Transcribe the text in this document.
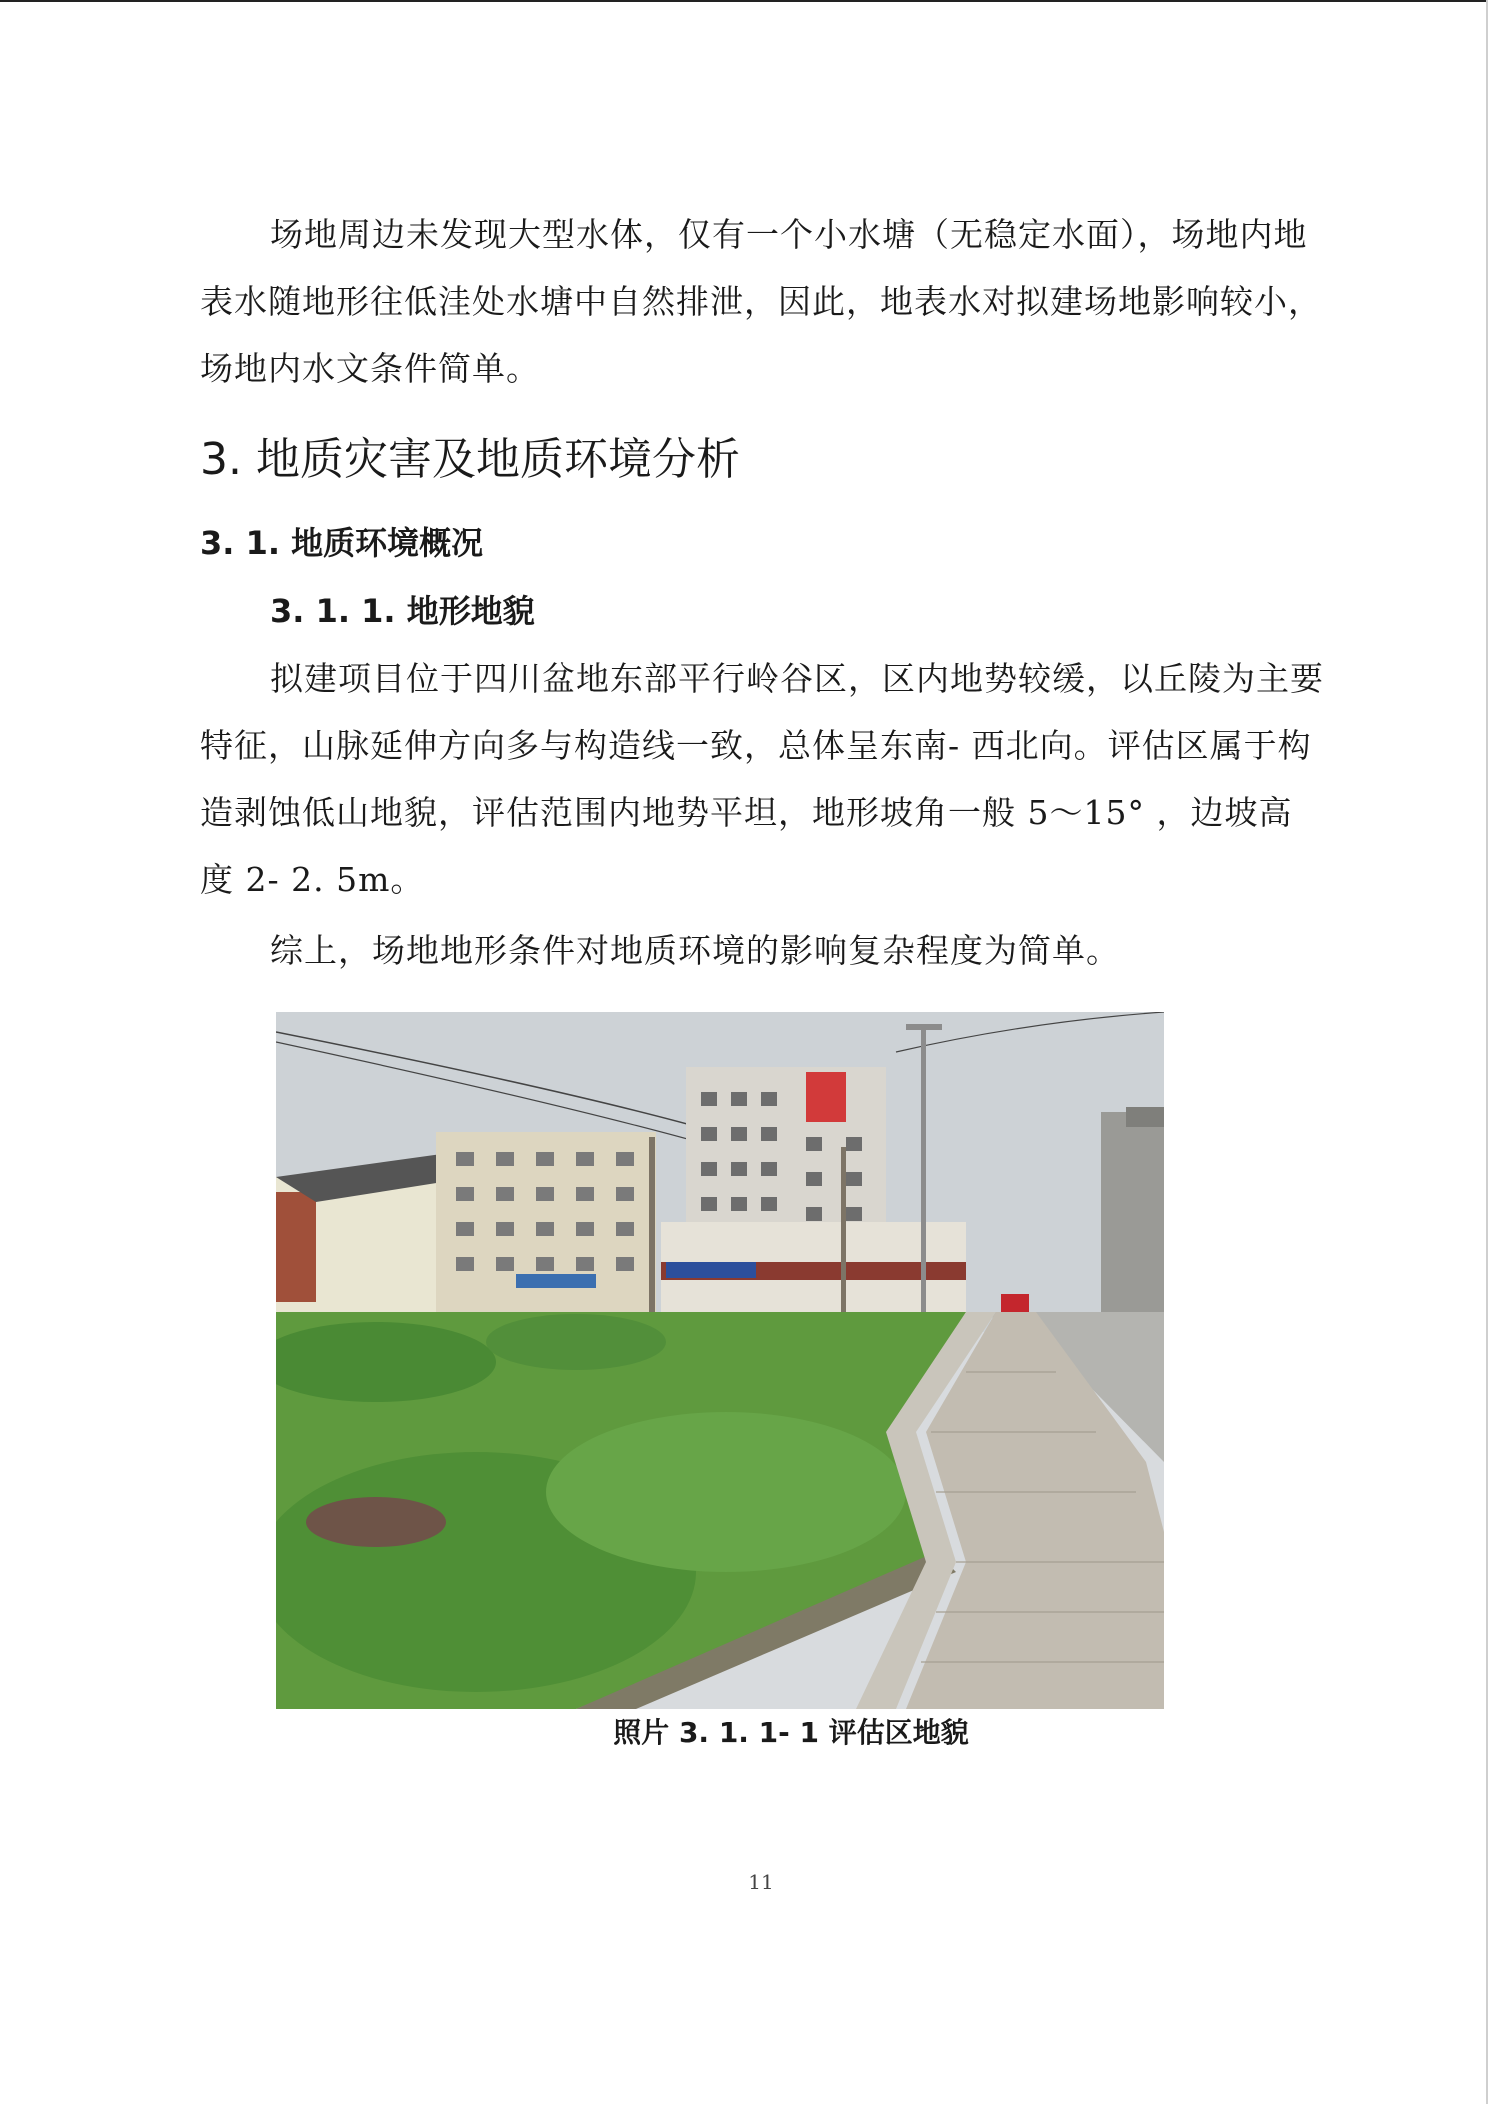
场地周边未发现大型水体，仅有一个小水塘（无稳定水面），场地内地表水随地形往低洼处水塘中自然排泄，因此，地表水对拟建场地影响较小，场地内水文条件简单。

3. 地质灾害及地质环境分析
3. 1. 地质环境概况
3. 1. 1. 地形地貌

拟建项目位于四川盆地东部平行岭谷区，区内地势较缓，以丘陵为主要特征，山脉延伸方向多与构造线一致，总体呈东南- 西北向。评估区属于构造剥蚀低山地貌，评估范围内地势平坦，地形坡角一般 5～15° ，边坡高度 2- 2. 5m。

综上，场地地形条件对地质环境的影响复杂程度为简单。

照片 3. 1. 1- 1 评估区地貌
11
